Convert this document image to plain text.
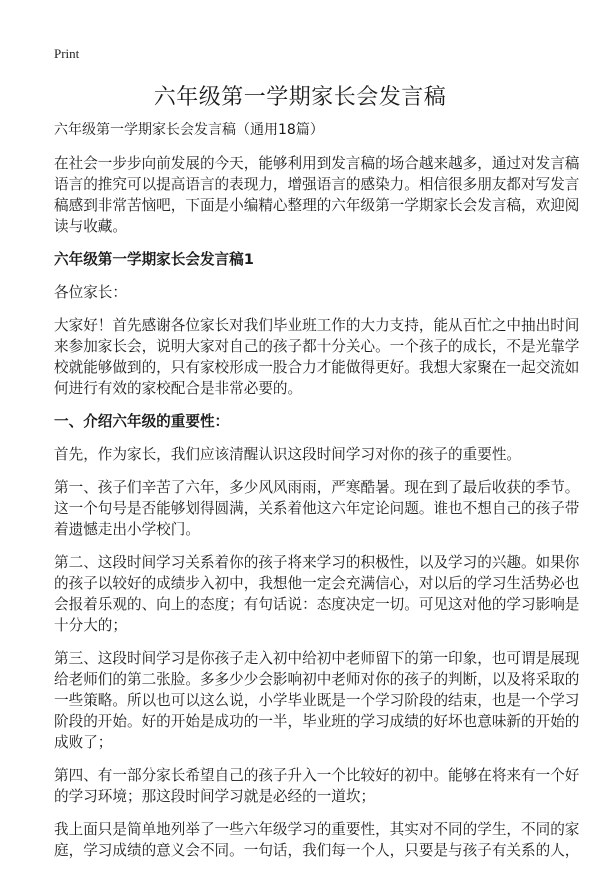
Print
六年级第一学期家长会发言稿

六年级第一学期家长会发言稿（通用18篇）

在社会一步步向前发展的今天，能够利用到发言稿的场合越来越多，通过对发言稿
语言的推究可以提高语言的表现力，增强语言的感染力。相信很多朋友都对写发言
稿感到非常苦恼吧，下面是小编精心整理的六年级第一学期家长会发言稿，欢迎阅
读与收藏。

六年级第一学期家长会发言稿1

各位家长：

大家好！首先感谢各位家长对我们毕业班工作的大力支持，能从百忙之中抽出时间
来参加家长会，说明大家对自己的孩子都十分关心。一个孩子的成长，不是光靠学
校就能够做到的，只有家校形成一股合力才能做得更好。我想大家聚在一起交流如
何进行有效的家校配合是非常必要的。

一、介绍六年级的重要性：

首先，作为家长，我们应该清醒认识这段时间学习对你的孩子的重要性。

第一、孩子们辛苦了六年，多少风风雨雨，严寒酷暑。现在到了最后收获的季节。
这一个句号是否能够划得圆满，关系着他这六年定论问题。谁也不想自己的孩子带
着遗憾走出小学校门。

第二、这段时间学习关系着你的孩子将来学习的积极性，以及学习的兴趣。如果你
的孩子以较好的成绩步入初中，我想他一定会充满信心，对以后的学习生活势必也
会报着乐观的、向上的态度；有句话说：态度决定一切。可见这对他的学习影响是
十分大的；

第三、这段时间学习是你孩子走入初中给初中老师留下的第一印象，也可谓是展现
给老师们的第二张脸。多多少少会影响初中老师对你的孩子的判断，以及将采取的
一些策略。所以也可以这么说，小学毕业既是一个学习阶段的结束，也是一个学习
阶段的开始。好的开始是成功的一半，毕业班的学习成绩的好坏也意味新的开始的
成败了；

第四、有一部分家长希望自己的孩子升入一个比较好的初中。能够在将来有一个好
的学习环境；那这段时间学习就是必经的一道坎；

我上面只是简单地列举了一些六年级学习的重要性，其实对不同的学生，不同的家
庭，学习成绩的意义会不同。一句话，我们每一个人，只要是与孩子有关系的人，
